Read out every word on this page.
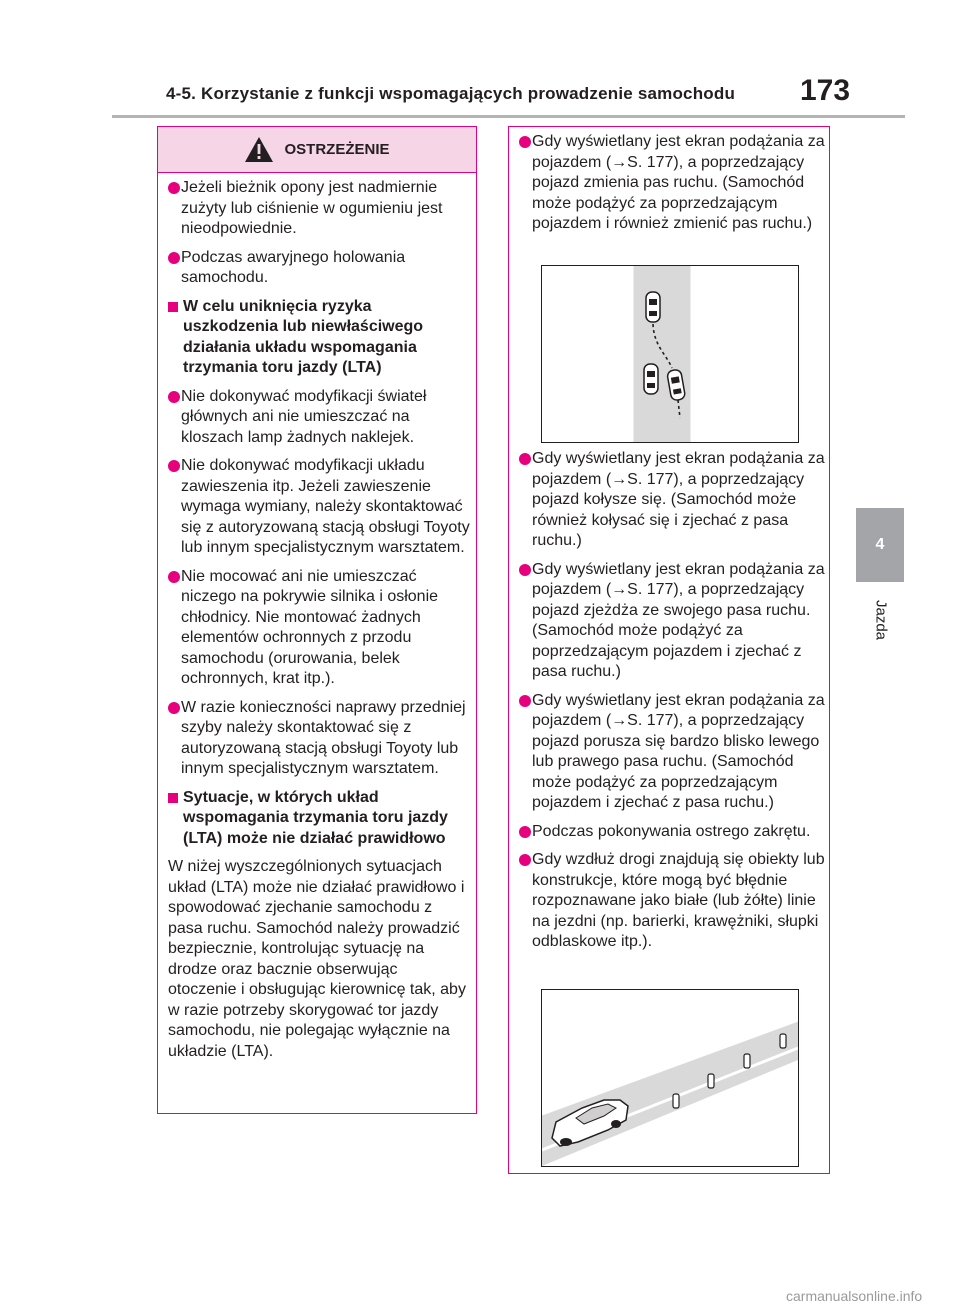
4-5. Korzystanie z funkcji wspomagających prowadzenie samochodu 173
4
Jazda
OSTRZEŻENIE
Jeżeli bieżnik opony jest nadmiernie zużyty lub ciśnienie w ogumieniu jest nieodpowiednie.
Podczas awaryjnego holowania samochodu.
W celu uniknięcia ryzyka uszkodzenia lub niewłaściwego działania układu wspomagania trzymania toru jazdy (LTA)
Nie dokonywać modyfikacji świateł głównych ani nie umieszczać na kloszach lamp żadnych naklejek.
Nie dokonywać modyfikacji układu zawieszenia itp. Jeżeli zawieszenie wymaga wymiany, należy skontaktować się z autoryzowaną stacją obsługi Toyoty lub innym specjalistycznym warsztatem.
Nie mocować ani nie umieszczać niczego na pokrywie silnika i osłonie chłodnicy. Nie montować żadnych elementów ochronnych z przodu samochodu (orurowania, belek ochronnych, krat itp.).
W razie konieczności naprawy przedniej szyby należy skontaktować się z autoryzowaną stacją obsługi Toyoty lub innym specjalistycznym warsztatem.
Sytuacje, w których układ wspomagania trzymania toru jazdy (LTA) może nie działać prawidłowo

W niżej wyszczególnionych sytuacjach układ (LTA) może nie działać prawidłowo i spowodować zjechanie samochodu z pasa ruchu. Samochód należy prowadzić bezpiecznie, kontrolując sytuację na drodze oraz bacznie obserwując otoczenie i obsługując kierownicę tak, aby w razie potrzeby skorygować tor jazdy samochodu, nie polegając wyłącznie na układzie (LTA).

Gdy wyświetlany jest ekran podążania za pojazdem (→S. 177), a poprzedzający pojazd zmienia pas ruchu. (Samochód może podążyć za poprzedzającym pojazdem i również zmienić pas ruchu.)
Gdy wyświetlany jest ekran podążania za pojazdem (→S. 177), a poprzedzający pojazd kołysze się. (Samochód może również kołysać się i zjechać z pasa ruchu.)
Gdy wyświetlany jest ekran podążania za pojazdem (→S. 177), a poprzedzający pojazd zjeżdża ze swojego pasa ruchu. (Samochód może podążyć za poprzedzającym pojazdem i zjechać z pasa ruchu.)
Gdy wyświetlany jest ekran podążania za pojazdem (→S. 177), a poprzedzający pojazd porusza się bardzo blisko lewego lub prawego pasa ruchu. (Samochód może podążyć za poprzedzającym pojazdem i zjechać z pasa ruchu.)
Podczas pokonywania ostrego zakrętu.
Gdy wzdłuż drogi znajdują się obiekty lub konstrukcje, które mogą być błędnie rozpoznawane jako białe (lub żółte) linie na jezdni (np. barierki, krawężniki, słupki odblaskowe itp.).
carmanualsonline.info
